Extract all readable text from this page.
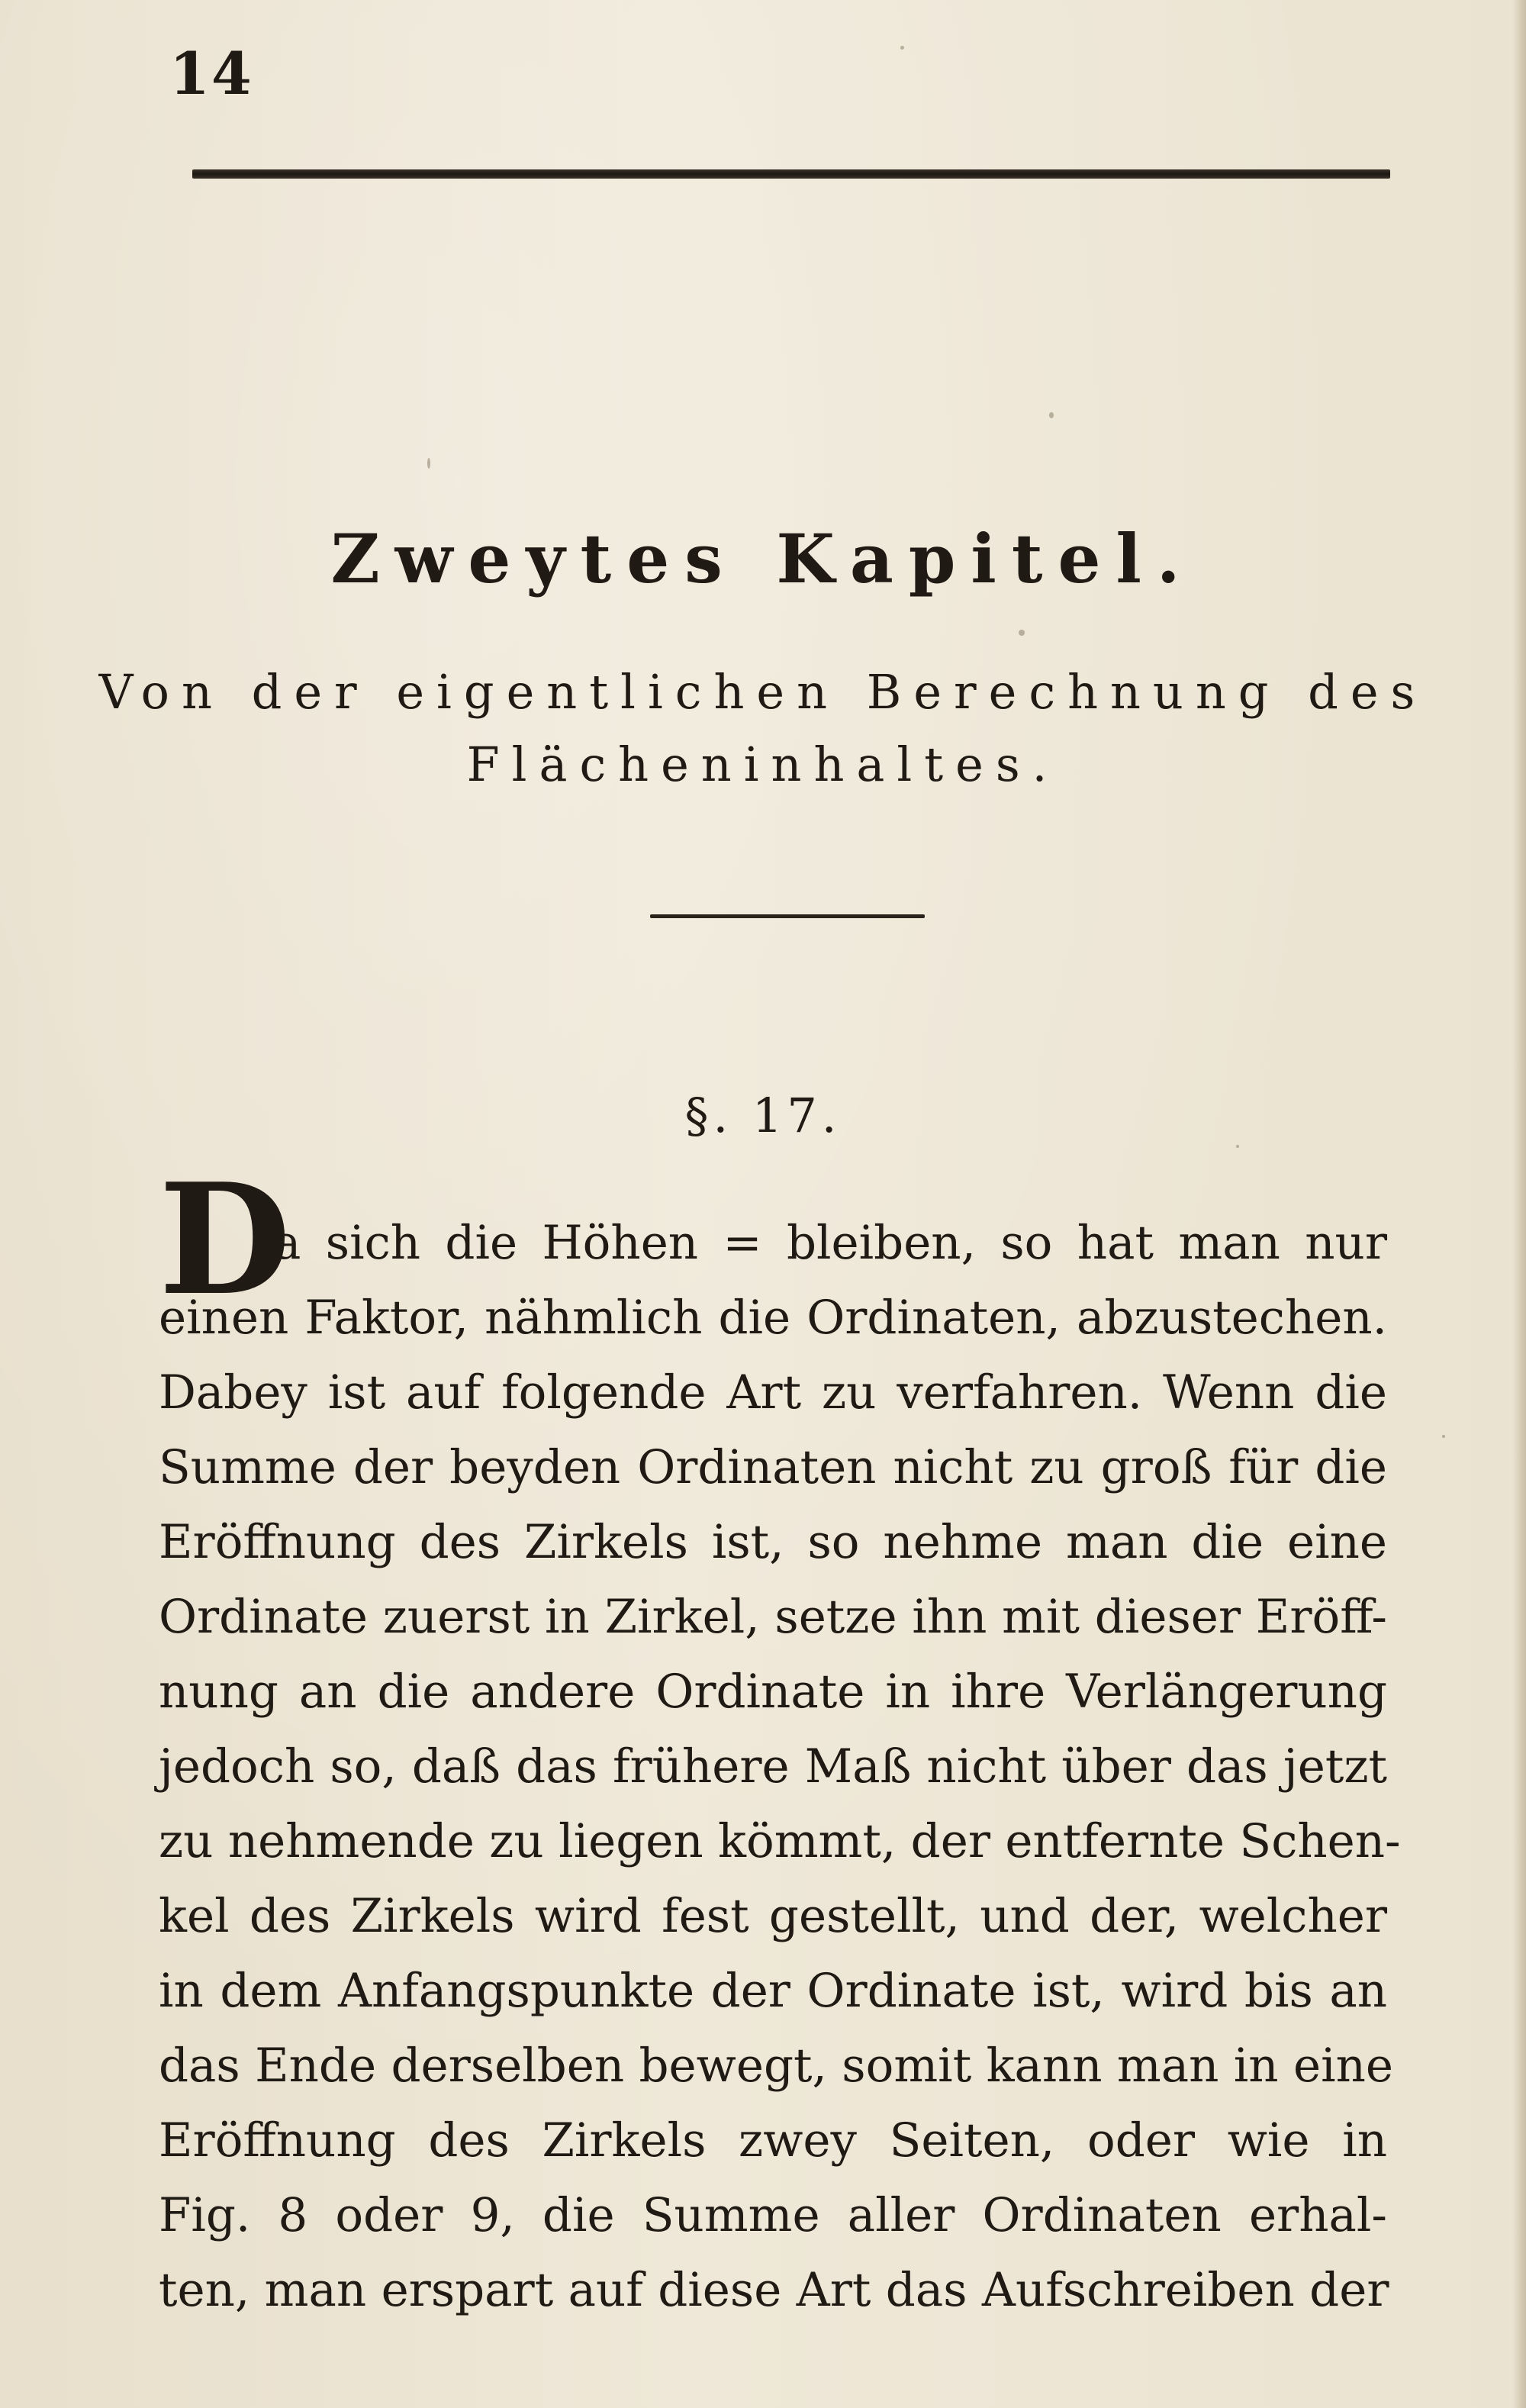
14
Zweytes Kapitel.
Von der eigentlichen Berechnung des
Flächeninhaltes.
§. 17.
D
a sich die Höhen = bleiben, so hat man nur
einen Faktor, nähmlich die Ordinaten, abzustechen.
Dabey ist auf folgende Art zu verfahren. Wenn die
Summe der beyden Ordinaten nicht zu groß für die
Eröffnung des Zirkels ist, so nehme man die eine
Ordinate zuerst in Zirkel, setze ihn mit dieser Eröff-
nung an die andere Ordinate in ihre Verlängerung
jedoch so, daß das frühere Maß nicht über das jetzt
zu nehmende zu liegen kömmt, der entfernte Schen-
kel des Zirkels wird fest gestellt, und der, welcher
in dem Anfangspunkte der Ordinate ist, wird bis an
das Ende derselben bewegt, somit kann man in eine
Eröffnung des Zirkels zwey Seiten, oder wie in
Fig. 8 oder 9, die Summe aller Ordinaten erhal-
ten, man erspart auf diese Art das Aufschreiben der
